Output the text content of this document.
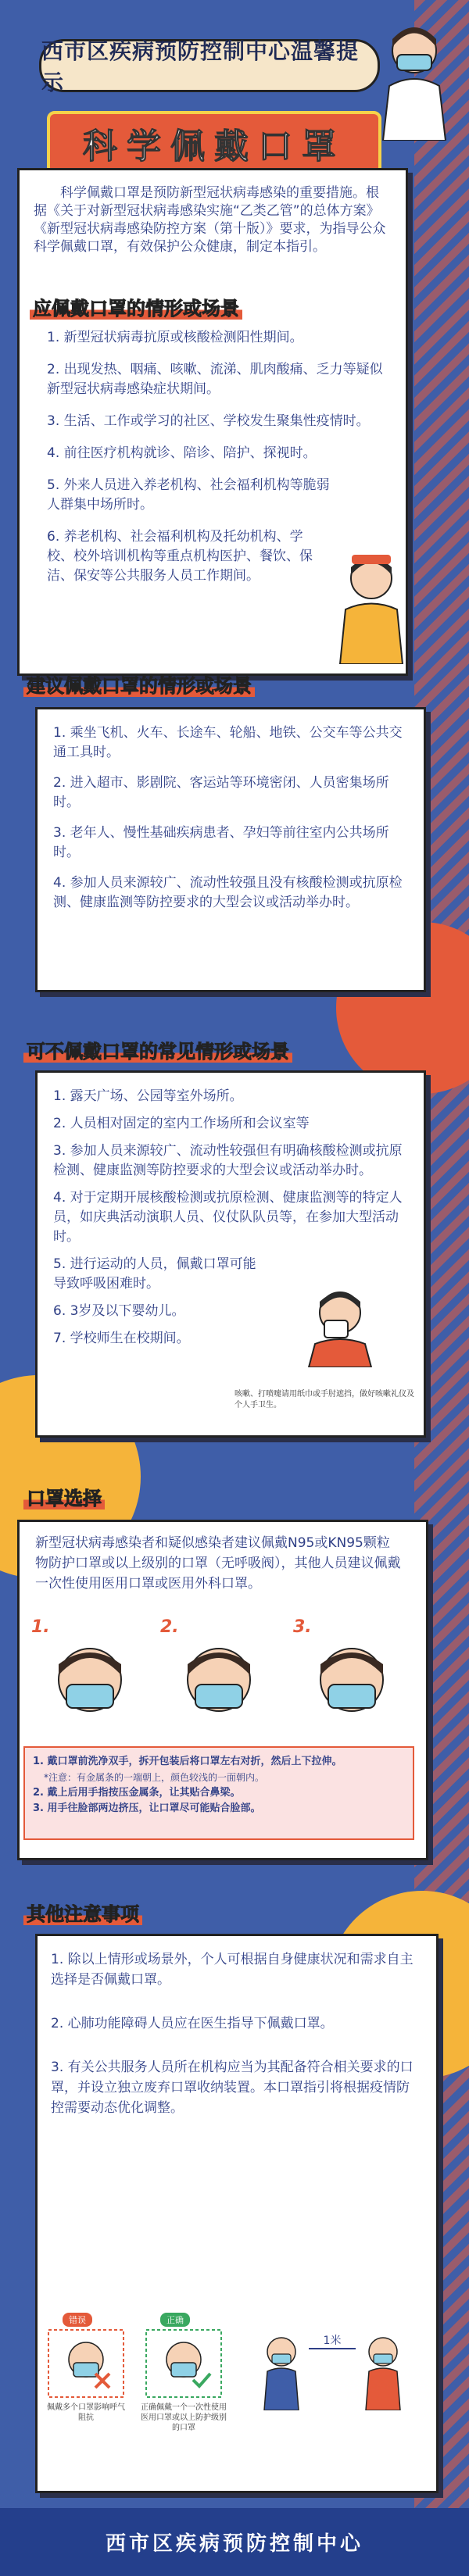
西市区疾病预防控制中心温馨提示
科学佩戴口罩

科学佩戴口罩是预防新型冠状病毒感染的重要措施。根据《关于对新型冠状病毒感染实施“乙类乙管”的总体方案》《新型冠状病毒感染防控方案（第十版）》要求，为指导公众科学佩戴口罩，有效保护公众健康，制定本指引。

应佩戴口罩的情形或场景

1. 新型冠状病毒抗原或核酸检测阳性期间。

2. 出现发热、咽痛、咳嗽、流涕、肌肉酸痛、乏力等疑似新型冠状病毒感染症状期间。

3. 生活、工作或学习的社区、学校发生聚集性疫情时。

4. 前往医疗机构就诊、陪诊、陪护、探视时。

5. 外来人员进入养老机构、社会福利机构等脆弱人群集中场所时。

6. 养老机构、社会福利机构及托幼机构、学校、校外培训机构等重点机构医护、餐饮、保洁、保安等公共服务人员工作期间。

建议佩戴口罩的情形或场景

1. 乘坐飞机、火车、长途车、轮船、地铁、公交车等公共交通工具时。

2. 进入超市、影剧院、客运站等环境密闭、人员密集场所时。

3. 老年人、慢性基础疾病患者、孕妇等前往室内公共场所时。

4. 参加人员来源较广、流动性较强且没有核酸检测或抗原检测、健康监测等防控要求的大型会议或活动举办时。

可不佩戴口罩的常见情形或场景

1. 露天广场、公园等室外场所。

2. 人员相对固定的室内工作场所和会议室等

3. 参加人员来源较广、流动性较强但有明确核酸检测或抗原检测、健康监测等防控要求的大型会议或活动举办时。

4. 对于定期开展核酸检测或抗原检测、健康监测等的特定人员，如庆典活动演职人员、仪仗队队员等，在参加大型活动时。

5. 进行运动的人员，佩戴口罩可能导致呼吸困难时。

6. 3岁及以下婴幼儿。

7. 学校师生在校期间。

咳嗽、打喷嚏请用纸巾或手肘遮挡，做好咳嗽礼仪及个人手卫生。
口罩选择

新型冠状病毒感染者和疑似感染者建议佩戴N95或KN95颗粒物防护口罩或以上级别的口罩（无呼吸阀），其他人员建议佩戴一次性使用医用口罩或医用外科口罩。

1.	2.	3.
1. 戴口罩前洗净双手，拆开包装后将口罩左右对折，然后上下拉伸。
*注意：有金属条的一端朝上，颜色较浅的一面朝内。
2. 戴上后用手指按压金属条，让其贴合鼻梁。
3. 用手往脸部两边挤压，让口罩尽可能贴合脸部。
其他注意事项

1. 除以上情形或场景外，个人可根据自身健康状况和需求自主选择是否佩戴口罩。

2. 心肺功能障碍人员应在医生指导下佩戴口罩。

3. 有关公共服务人员所在机构应当为其配备符合相关要求的口罩，并设立独立废弃口罩收纳装置。本口罩指引将根据疫情防控需要动态优化调整。

错误	正确
佩戴多个口罩影响呼气阻抗
正确佩戴一个一次性使用医用口罩或以上防护级别的口罩
1米
西市区疾病预防控制中心
